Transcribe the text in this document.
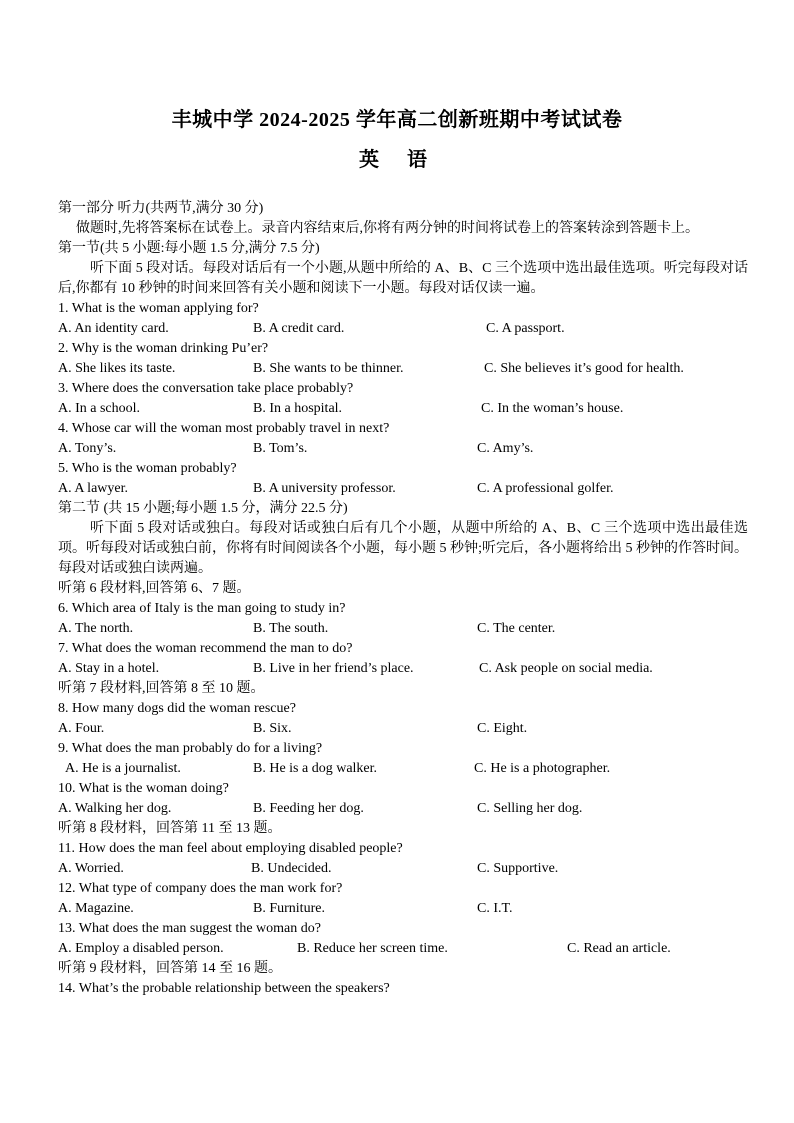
丰城中学 2024-2025 学年高二创新班期中考试试卷
英语
第一部分 听力(共两节,满分 30 分)
做题时,先将答案标在试卷上。录音内容结束后,你将有两分钟的时间将试卷上的答案转涂到答题卡上。
第一节(共 5 小题:每小题 1.5 分,满分 7.5 分)
听下面 5 段对话。每段对话后有一个小题,从题中所给的 A、B、C 三个选项中选出最佳选项。听完每段对话后,你都有 10 秒钟的时间来回答有关小题和阅读下一小题。每段对话仅读一遍。
1. What is the woman applying for?
A. An identity card.	B. A credit card.	C. A passport.
2. Why is the woman drinking Pu’er?
A. She likes its taste.	B. She wants to be thinner.	C. She believes it’s good for health.
3. Where does the conversation take place probably?
A. In a school.	B. In a hospital.	C. In the woman’s house.
4. Whose car will the woman most probably travel in next?
A. Tony’s.	B. Tom’s.	C. Amy’s.
5. Who is the woman probably?
A. A lawyer.	B. A university professor.	C. A professional golfer.
第二节 (共 15 小题;每小题 1.5 分，满分 22.5 分)
听下面 5 段对话或独白。每段对话或独白后有几个小题，从题中所给的 A、B、C 三个选项中选出最佳选项。听每段对话或独白前，你将有时间阅读各个小题，每小题 5 秒钟;听完后，各小题将给出 5 秒钟的作答时间。每段对话或独白读两遍。
听第 6 段材料,回答第 6、7 题。
6. Which area of Italy is the man going to study in?
A. The north.	B. The south.	C. The center.
7. What does the woman recommend the man to do?
A. Stay in a hotel.	B. Live in her friend’s place.	C. Ask people on social media.
听第 7 段材料,回答第 8 至 10 题。
8. How many dogs did the woman rescue?
A. Four.	B. Six.	C. Eight.
9. What does the man probably do for a living?
A. He is a journalist.	B. He is a dog walker.	C. He is a photographer.
10. What is the woman doing?
A. Walking her dog.	B. Feeding her dog.	C. Selling her dog.
听第 8 段材料，回答第 11 至 13 题。
11. How does the man feel about employing disabled people?
A. Worried.	B. Undecided.	C. Supportive.
12. What type of company does the man work for?
A. Magazine.	B. Furniture.	C. I.T.
13. What does the man suggest the woman do?
A. Employ a disabled person.	B. Reduce her screen time.	C. Read an article.
听第 9 段材料，回答第 14 至 16 题。
14. What’s the probable relationship between the speakers?
